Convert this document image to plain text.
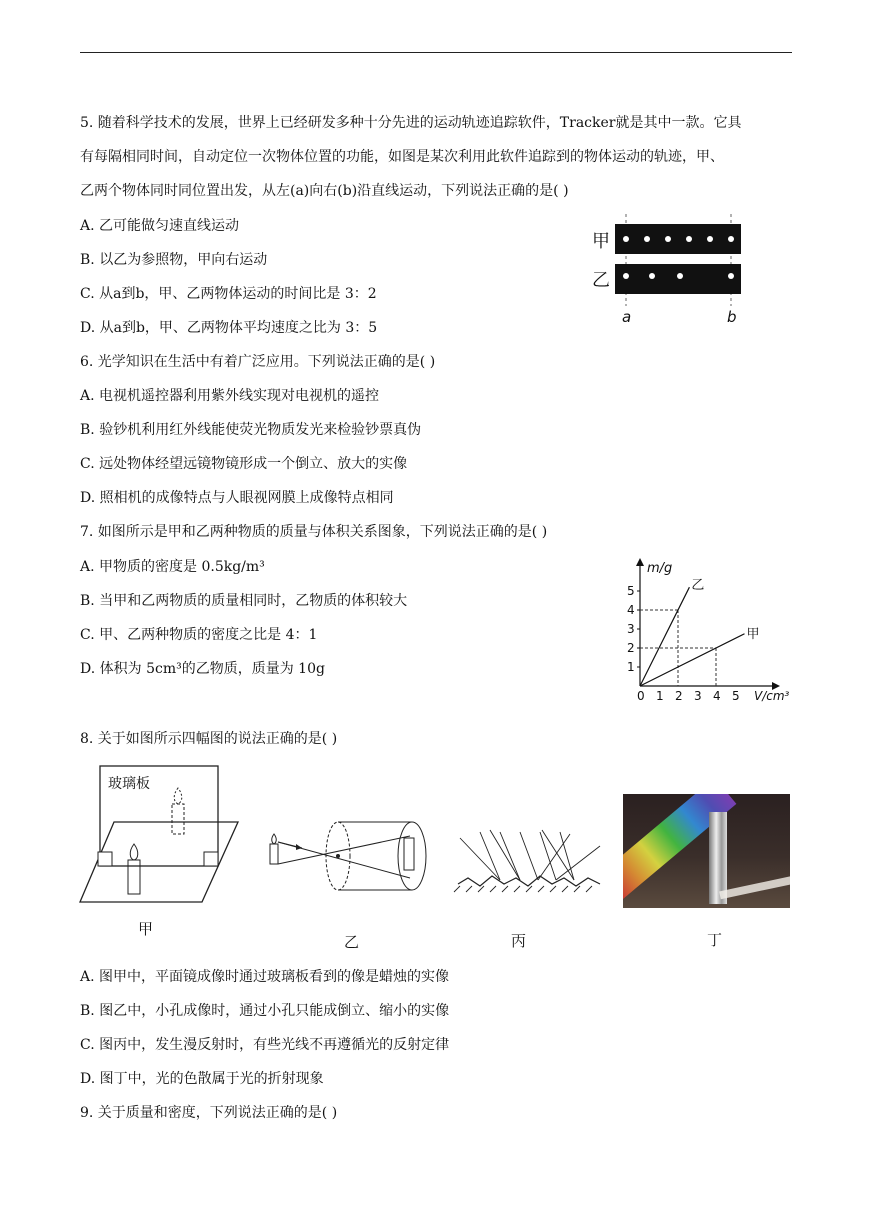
5. 随着科学技术的发展，世界上已经研发多种十分先进的运动轨迹追踪软件，Tracker就是其中一款。它具
有每隔相同时间，自动定位一次物体位置的功能，如图是某次利用此软件追踪到的物体运动的轨迹，甲、
乙两个物体同时同位置出发，从左(a)向右(b)沿直线运动，下列说法正确的是( )
A. 乙可能做匀速直线运动
B. 以乙为参照物，甲向右运动
C. 从a到b，甲、乙两物体运动的时间比是 3：2
D. 从a到b，甲、乙两物体平均速度之比为 3：5
甲
乙
a	b
6. 光学知识在生活中有着广泛应用。下列说法正确的是( )
A. 电视机遥控器利用紫外线实现对电视机的遥控
B. 验钞机利用红外线能使荧光物质发光来检验钞票真伪
C. 远处物体经望远镜物镜形成一个倒立、放大的实像
D. 照相机的成像特点与人眼视网膜上成像特点相同
7. 如图所示是甲和乙两种物质的质量与体积关系图象，下列说法正确的是( )
A. 甲物质的密度是 0.5kg/m³
B. 当甲和乙两物质的质量相同时，乙物质的体积较大
C. 甲、乙两种物质的密度之比是 4：1
D. 体积为 5cm³的乙物质，质量为 10g
m/g
V/cm³
0 1 2 3 4 5
1
2
3
4
5	乙
甲
8. 关于如图所示四幅图的说法正确的是( )
玻璃板
甲
乙	丙	丁
A. 图甲中，平面镜成像时通过玻璃板看到的像是蜡烛的实像
B. 图乙中，小孔成像时，通过小孔只能成倒立、缩小的实像
C. 图丙中，发生漫反射时，有些光线不再遵循光的反射定律
D. 图丁中，光的色散属于光的折射现象
9. 关于质量和密度，下列说法正确的是( )
